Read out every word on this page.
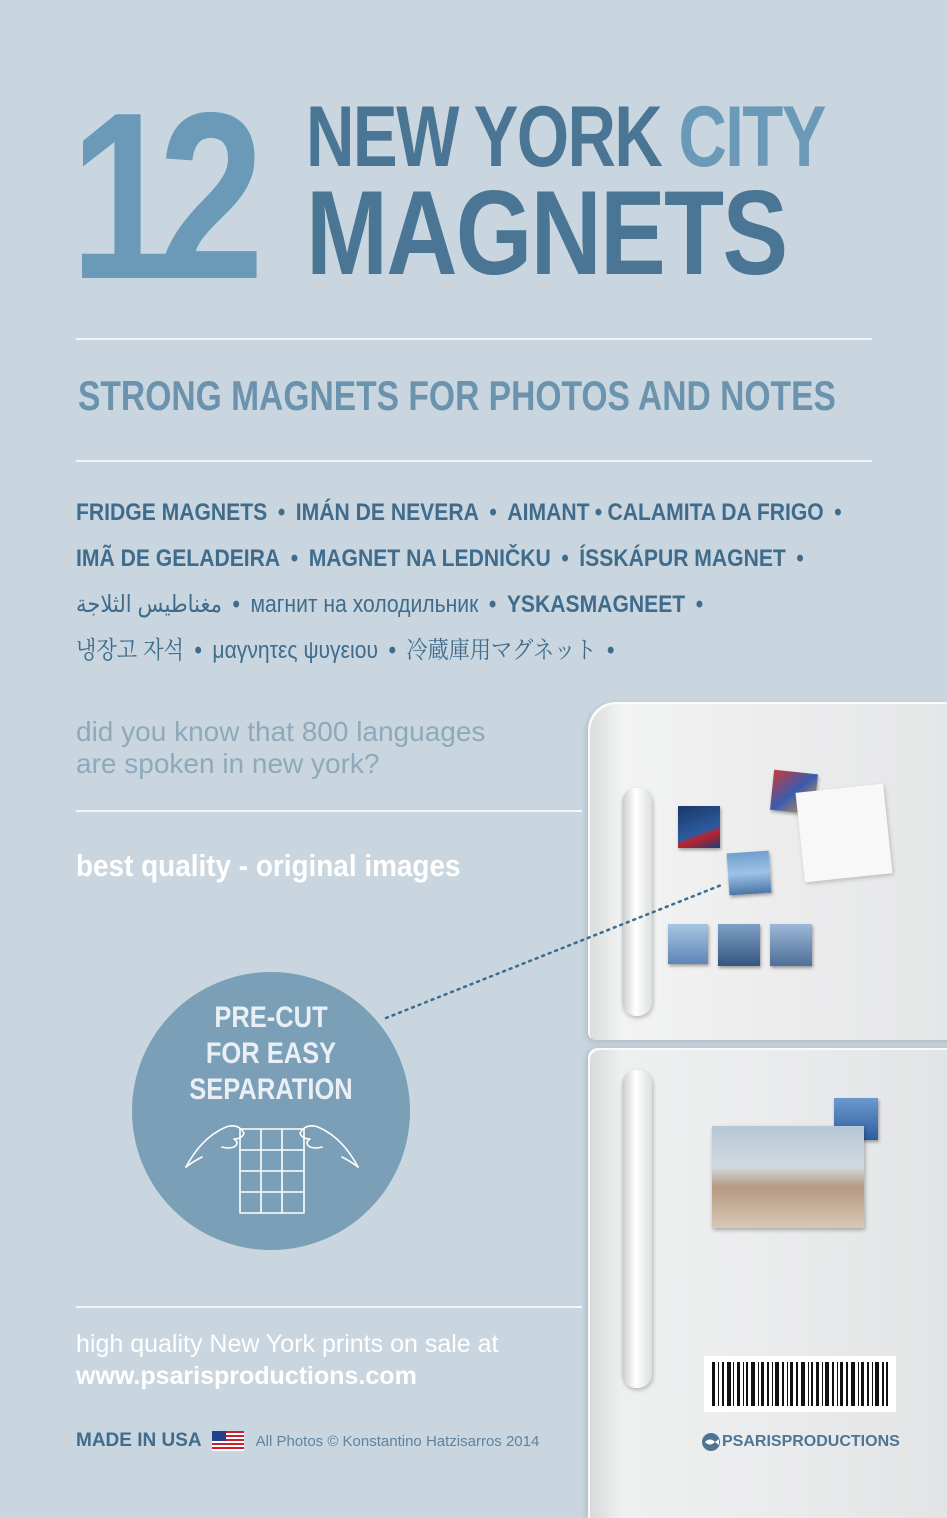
12 NEW YORK CITY
MAGNETS
STRONG MAGNETS FOR PHOTOS AND NOTES
FRIDGE MAGNETS • IMÁN DE NEVERA • AIMANT • CALAMITA DA FRIGO •
IMÃ DE GELADEIRA • MAGNET NA LEDNIČKU • ÍSSKÁPUR MAGNET •
مغناطيس الثلاجة • магнит на холодильник • YSKASMAGNEET •
냉장고 자석 • μαγνητες ψυγειου • 冷蔵庫用マグネット •
did you know that 800 languages
are spoken in new york?
best quality - original images
PRE-CUT
FOR EASY
SEPARATION
high quality New York prints on sale at
www.psarisproductions.com
MADE IN USA	All Photos © Konstantino Hatzisarros 2014	PSARISPRODUCTIONS
